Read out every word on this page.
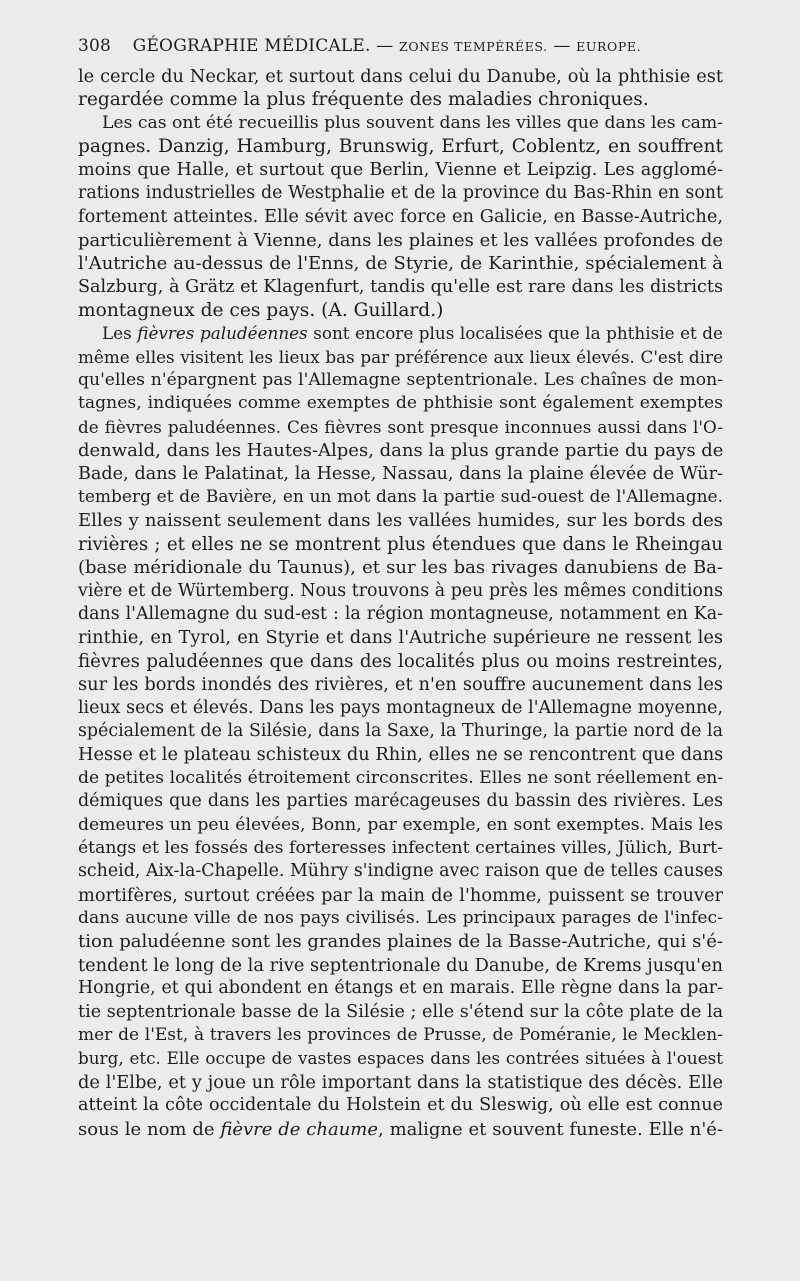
308 GÉOGRAPHIE MÉDICALE. — ZONES TEMPÉRÉES. — EUROPE.
le cercle du Neckar, et surtout dans celui du Danube, où la phthisie est
regardée comme la plus fréquente des maladies chroniques.
Les cas ont été recueillis plus souvent dans les villes que dans les cam-
pagnes. Danzig, Hamburg, Brunswig, Erfurt, Coblentz, en souffrent
moins que Halle, et surtout que Berlin, Vienne et Leipzig. Les agglomé-
rations industrielles de Westphalie et de la province du Bas-Rhin en sont
fortement atteintes. Elle sévit avec force en Galicie, en Basse-Autriche,
particulièrement à Vienne, dans les plaines et les vallées profondes de
l'Autriche au-dessus de l'Enns, de Styrie, de Karinthie, spécialement à
Salzburg, à Grätz et Klagenfurt, tandis qu'elle est rare dans les districts
montagneux de ces pays. (A. Guillard.)
Les fièvres paludéennes sont encore plus localisées que la phthisie et de
même elles visitent les lieux bas par préférence aux lieux élevés. C'est dire
qu'elles n'épargnent pas l'Allemagne septentrionale. Les chaînes de mon-
tagnes, indiquées comme exemptes de phthisie sont également exemptes
de fièvres paludéennes. Ces fièvres sont presque inconnues aussi dans l'O-
denwald, dans les Hautes-Alpes, dans la plus grande partie du pays de
Bade, dans le Palatinat, la Hesse, Nassau, dans la plaine élevée de Wür-
temberg et de Bavière, en un mot dans la partie sud-ouest de l'Allemagne.
Elles y naissent seulement dans les vallées humides, sur les bords des
rivières ; et elles ne se montrent plus étendues que dans le Rheingau
(base méridionale du Taunus), et sur les bas rivages danubiens de Ba-
vière et de Würtemberg. Nous trouvons à peu près les mêmes conditions
dans l'Allemagne du sud-est : la région montagneuse, notamment en Ka-
rinthie, en Tyrol, en Styrie et dans l'Autriche supérieure ne ressent les
fièvres paludéennes que dans des localités plus ou moins restreintes,
sur les bords inondés des rivières, et n'en souffre aucunement dans les
lieux secs et élevés. Dans les pays montagneux de l'Allemagne moyenne,
spécialement de la Silésie, dans la Saxe, la Thuringe, la partie nord de la
Hesse et le plateau schisteux du Rhin, elles ne se rencontrent que dans
de petites localités étroitement circonscrites. Elles ne sont réellement en-
démiques que dans les parties marécageuses du bassin des rivières. Les
demeures un peu élevées, Bonn, par exemple, en sont exemptes. Mais les
étangs et les fossés des forteresses infectent certaines villes, Jülich, Burt-
scheid, Aix-la-Chapelle. Mühry s'indigne avec raison que de telles causes
mortifères, surtout créées par la main de l'homme, puissent se trouver
dans aucune ville de nos pays civilisés. Les principaux parages de l'infec-
tion paludéenne sont les grandes plaines de la Basse-Autriche, qui s'é-
tendent le long de la rive septentrionale du Danube, de Krems jusqu'en
Hongrie, et qui abondent en étangs et en marais. Elle règne dans la par-
tie septentrionale basse de la Silésie ; elle s'étend sur la côte plate de la
mer de l'Est, à travers les provinces de Prusse, de Poméranie, le Mecklen-
burg, etc. Elle occupe de vastes espaces dans les contrées situées à l'ouest
de l'Elbe, et y joue un rôle important dans la statistique des décès. Elle
atteint la côte occidentale du Holstein et du Sleswig, où elle est connue
sous le nom de fièvre de chaume, maligne et souvent funeste. Elle n'é-
